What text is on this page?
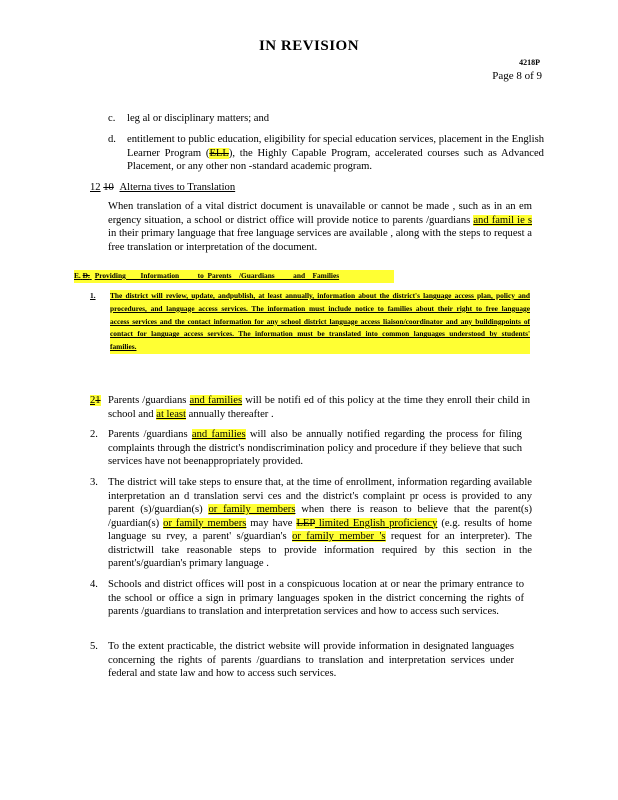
IN REVISION
4218P
Page 8 of 9
c. leg al or disciplinary matters; and

d. entitlement to public education, eligibility for special education services, placement in the English Learner Program (ELL), the Highly Capable Program, accelerated courses such as Advanced Placement, or any other non -standard academic program.

12 10 Alterna tives to Translation

When translation of a vital district document is unavailable or cannot be made , such as in an em ergency situation, a school or district office will provide notice to parents /guardians and famil ie s in their primary language that free language services are available , along with the steps to request a free translation or interpretation of the document.

E. D. Providing        Information          to  Parents    /Guardians          and    Families
1. The district will review, update, andpublish, at least annually, information about the district's language access plan, policy and procedures, and language access services. The information must include notice to families about their right to free language access services and the contact information for any school district language access liaison/coordinator and any buildingpoints of contact for language access services. The information must be translated into common languages understood by students' families.

21 Parents /guardians and families will be notifi ed of this policy at the time they enroll their child in school and at least annually thereafter .

2. Parents /guardians and families will also be annually notified regarding the process for filing complaints through the district's nondiscrimination policy and procedure if they believe that such services have not beenappropriately provided.

3. The district will take steps to ensure that, at the time of enrollment, information regarding available interpretation an d translation servi ces and the district's complaint pr ocess is provided to any parent (s)/guardian(s) or family members when there is reason to believe that the parent(s) /guardian(s) or family members may have LEP limited English proficiency (e.g. results of home language su rvey, a parent' s/guardian's or family member 's request for an interpreter). The districtwill take reasonable steps to provide information required by this section in the parent's/guardian's primary language .

4. Schools and district offices will post in a conspicuous location at or near the primary entrance to the school or office a sign in primary languages spoken in the district concerning the rights of parents /guardians to translation and interpretation services and how to access such services.

5. To the extent practicable, the district website will provide information in designated languages concerning the rights of parents /guardians to translation and interpretation services under federal and state law and how to access such services.
